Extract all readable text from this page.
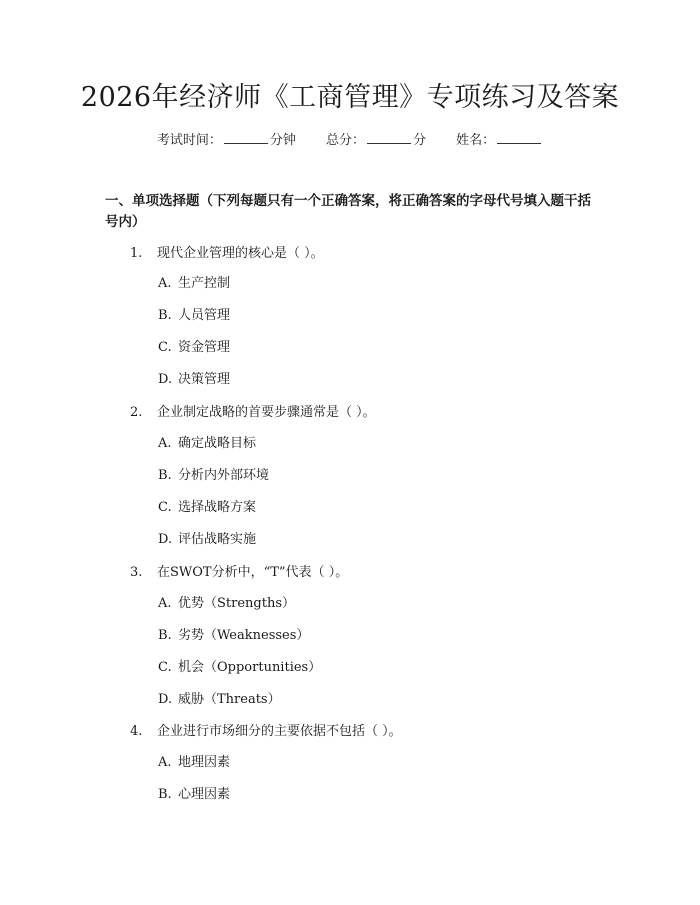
2026年经济师《工商管理》专项练习及答案
考试时间：	分钟 总分：	分 姓名：
一、单项选择题（下列每题只有一个正确答案，将正确答案的字母代号填入题干括号内）
1. 现代企业管理的核心是（ ）。
A. 生产控制
B. 人员管理
C. 资金管理
D. 决策管理
2. 企业制定战略的首要步骤通常是（ ）。
A. 确定战略目标
B. 分析内外部环境
C. 选择战略方案
D. 评估战略实施
3. 在SWOT分析中，“T”代表（ ）。
A. 优势（Strengths）
B. 劣势（Weaknesses）
C. 机会（Opportunities）
D. 威胁（Threats）
4. 企业进行市场细分的主要依据不包括（ ）。
A. 地理因素
B. 心理因素
